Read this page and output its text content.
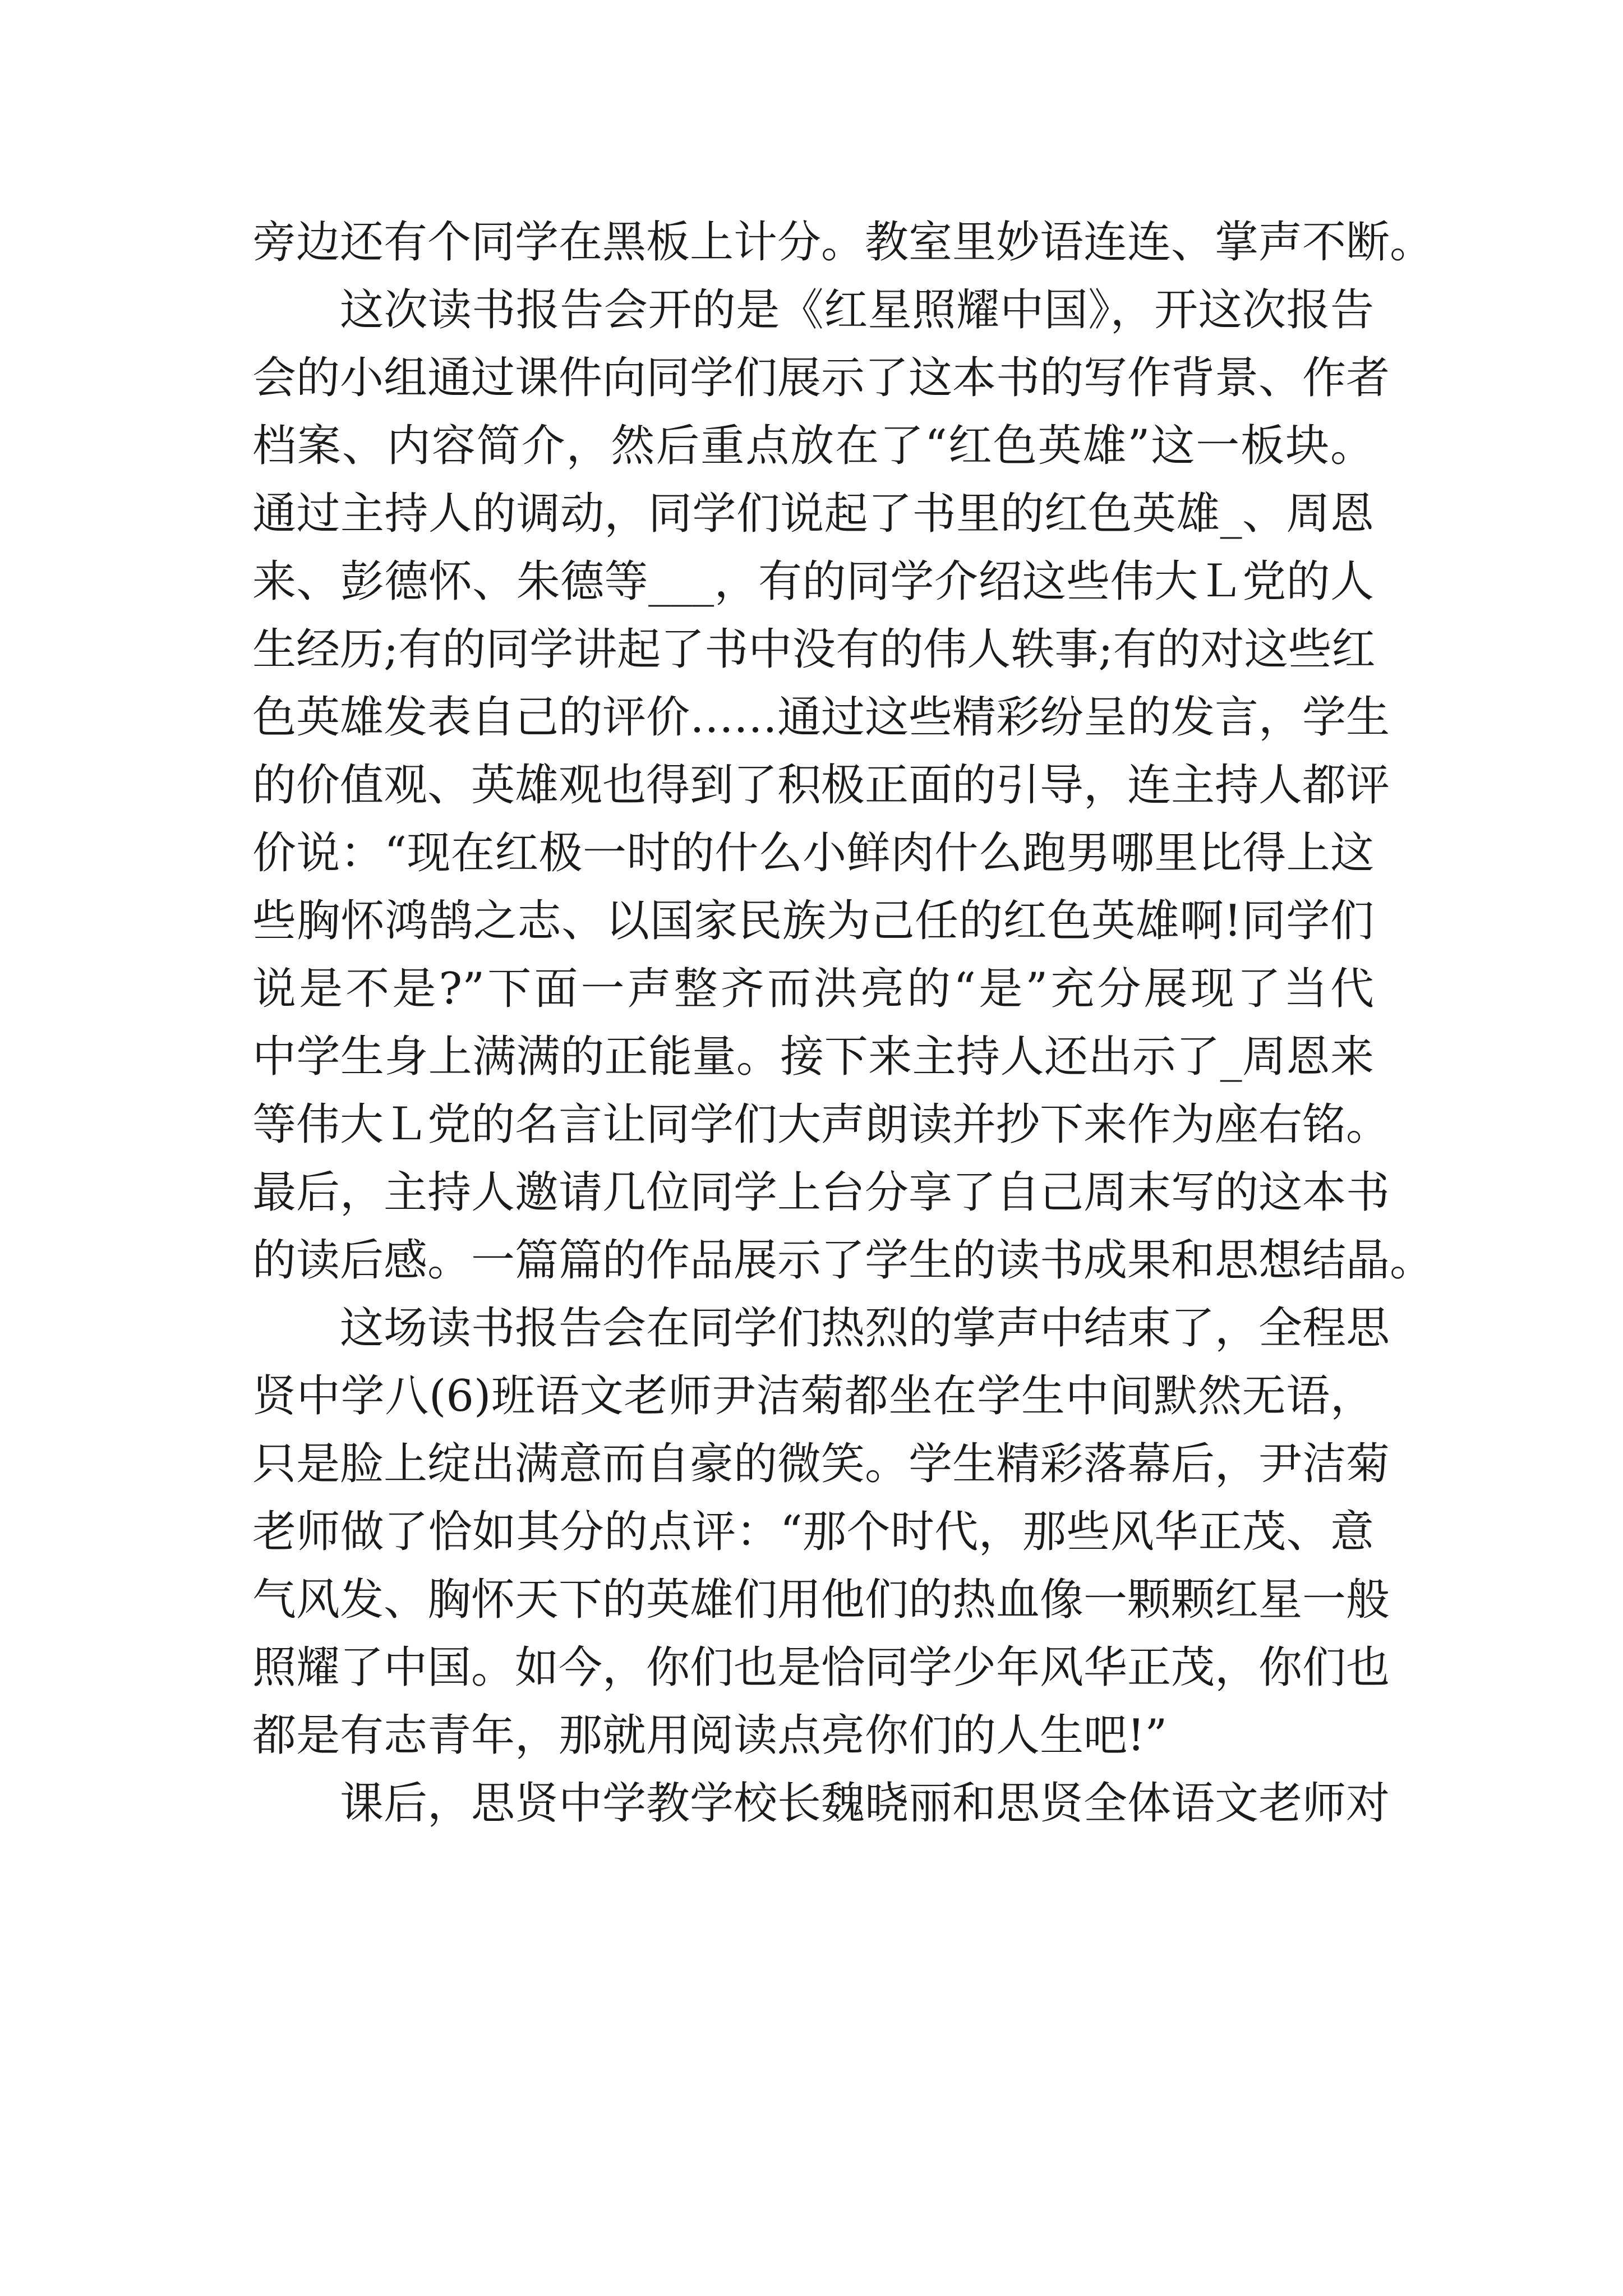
旁边还有个同学在黑板上计分。教室里妙语连连、掌声不断。
这次读书报告会开的是《红星照耀中国》，开这次报告
会的小组通过课件向同学们展示了这本书的写作背景、作者
档案、内容简介，然后重点放在了“红色英雄”这一板块。
通过主持人的调动，同学们说起了书里的红色英雄_、周恩
来、彭德怀、朱德等___，有的同学介绍这些伟大Ｌ党的人
生经历;有的同学讲起了书中没有的伟人轶事;有的对这些红
色英雄发表自己的评价……通过这些精彩纷呈的发言，学生
的价值观、英雄观也得到了积极正面的引导，连主持人都评
价说：“现在红极一时的什么小鲜肉什么跑男哪里比得上这
些胸怀鸿鹄之志、以国家民族为己任的红色英雄啊!同学们
说是不是?”下面一声整齐而洪亮的“是”充分展现了当代
中学生身上满满的正能量。接下来主持人还出示了_周恩来
等伟大Ｌ党的名言让同学们大声朗读并抄下来作为座右铭。
最后，主持人邀请几位同学上台分享了自己周末写的这本书
的读后感。一篇篇的作品展示了学生的读书成果和思想结晶。
这场读书报告会在同学们热烈的掌声中结束了，全程思
贤中学八(6)班语文老师尹洁菊都坐在学生中间默然无语，
只是脸上绽出满意而自豪的微笑。学生精彩落幕后，尹洁菊
老师做了恰如其分的点评：“那个时代，那些风华正茂、意
气风发、胸怀天下的英雄们用他们的热血像一颗颗红星一般
照耀了中国。如今，你们也是恰同学少年风华正茂，你们也
都是有志青年，那就用阅读点亮你们的人生吧!”
课后，思贤中学教学校长魏晓丽和思贤全体语文老师对
